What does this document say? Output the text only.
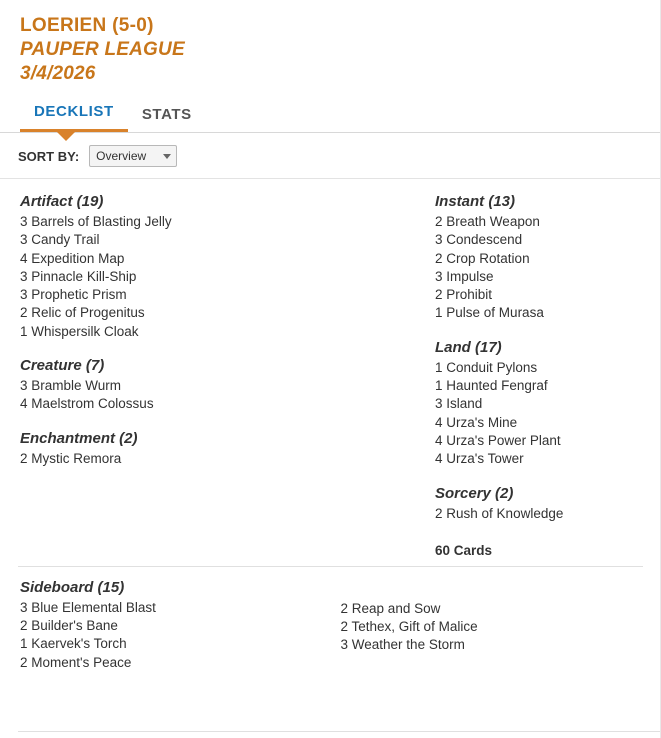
LOERIEN (5-0)
PAUPER LEAGUE
3/4/2026
DECKLIST	STATS
SORT BY:
Overview
Artifact (19)
3 Barrels of Blasting Jelly
3 Candy Trail
4 Expedition Map
3 Pinnacle Kill-Ship
3 Prophetic Prism
2 Relic of Progenitus
1 Whispersilk Cloak
Creature (7)
3 Bramble Wurm
4 Maelstrom Colossus
Enchantment (2)
2 Mystic Remora
Instant (13)
2 Breath Weapon
3 Condescend
2 Crop Rotation
3 Impulse
2 Prohibit
1 Pulse of Murasa
Land (17)
1 Conduit Pylons
1 Haunted Fengraf
3 Island
4 Urza's Mine
4 Urza's Power Plant
4 Urza's Tower
Sorcery (2)
2 Rush of Knowledge
60 Cards
Sideboard (15)
3 Blue Elemental Blast
2 Builder's Bane
1 Kaervek's Torch
2 Moment's Peace
2 Reap and Sow
2 Tethex, Gift of Malice
3 Weather the Storm
